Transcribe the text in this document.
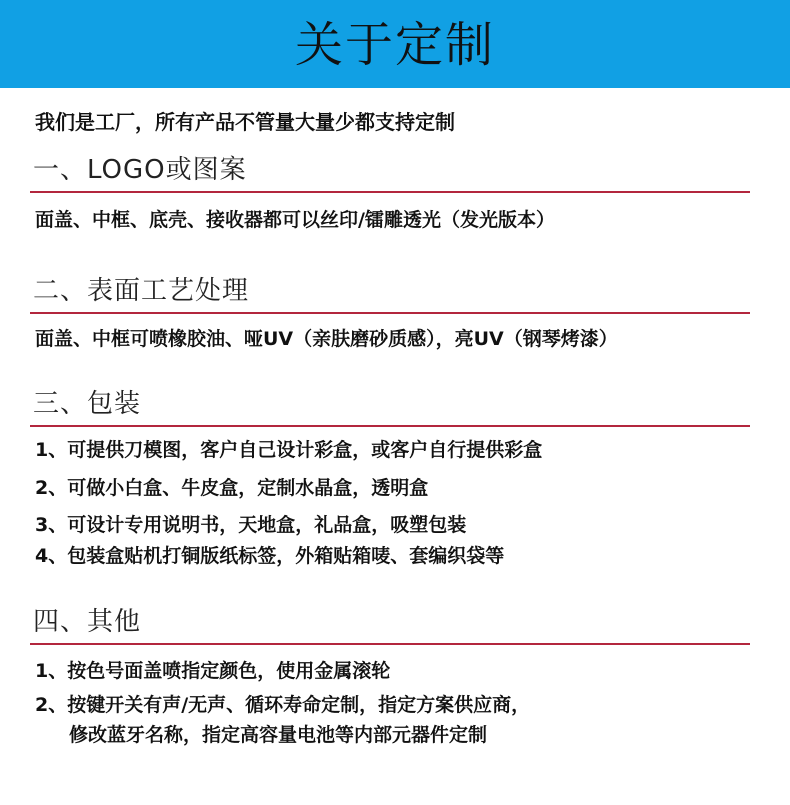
关于定制
我们是工厂，所有产品不管量大量少都支持定制
一、LOGO或图案
面盖、中框、底壳、接收器都可以丝印/镭雕透光（发光版本）
二、表面工艺处理
面盖、中框可喷橡胶油、哑UV（亲肤磨砂质感），亮UV（钢琴烤漆）
三、包装
1、可提供刀模图，客户自己设计彩盒，或客户自行提供彩盒
2、可做小白盒、牛皮盒，定制水晶盒，透明盒
3、可设计专用说明书，天地盒，礼品盒，吸塑包装
4、包装盒贴机打铜版纸标签，外箱贴箱唛、套编织袋等
四、其他
1、按色号面盖喷指定颜色，使用金属滚轮
2、按键开关有声/无声、循环寿命定制，指定方案供应商，
修改蓝牙名称，指定高容量电池等内部元器件定制
